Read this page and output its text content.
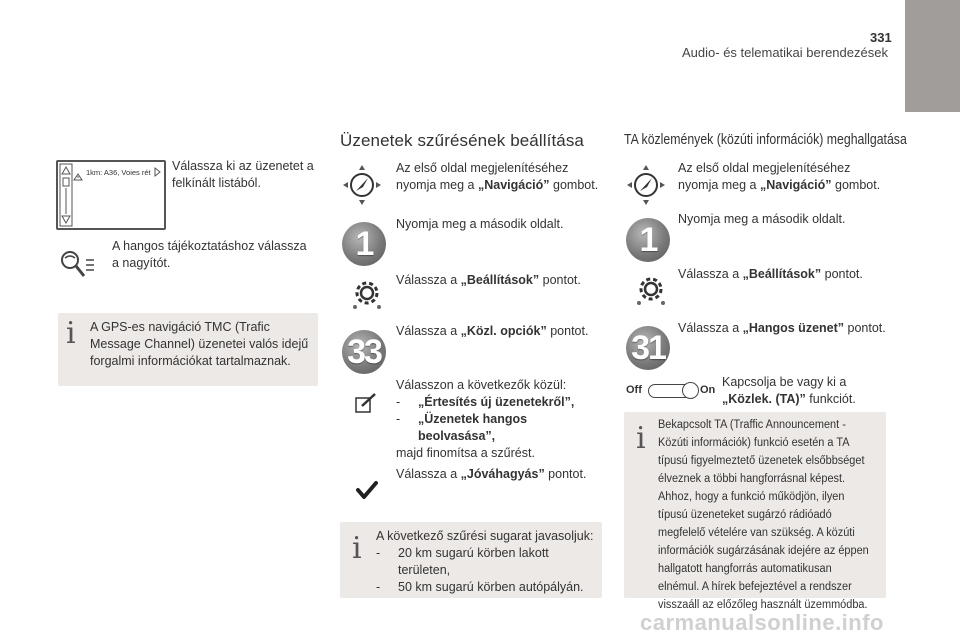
331
Audio- és telematikai berendezések
1km: A36, Voies rét Válassza ki az üzenetet a felkínált listából.
A hangos tájékoztatáshoz válassza a nagyítót.
i A GPS-es navigáció TMC (Trafic Message Channel) üzenetei valós idejű forgalmi információkat tartalmaznak.
Üzenetek szűrésének beállítása
Az első oldal megjelenítéséhez nyomja meg a „Navigáció” gombot.
1
Nyomja meg a második oldalt.
Válassza a „Beállítások” pontot.
33
Válassza a „Közl. opciók” pontot.
Válasszon a következők közül:
- „Értesítés új üzenetekről”,
- „Üzenetek hangos beolvasása”,
majd finomítsa a szűrést.
Válassza a „Jóváhagyás” pontot.
i A következő szűrési sugarat javasoljuk:
- 20 km sugarú körben lakott területen,
- 50 km sugarú körben autópályán.
TA közlemények (közúti információk) meghallgatása
Az első oldal megjelenítéséhez nyomja meg a „Navigáció” gombot.
1
Nyomja meg a második oldalt.
Válassza a „Beállítások” pontot.
31
Válassza a „Hangos üzenet” pontot.
Off	On
Kapcsolja be vagy ki a „Közlek. (TA)” funkciót.
i Bekapcsolt TA (Traffic Announcement - Közúti információk) funkció esetén a TA típusú figyelmeztető üzenetek elsőbbséget élveznek a többi hangforrásnal képest. Ahhoz, hogy a funkció működjön, ilyen típusú üzeneteket sugárzó rádióadó megfelelő vételére van szükség. A közúti információk sugárzásának idejére az éppen hallgatott hangforrás automatikusan elnémul. A hírek befejeztével a rendszer visszaáll az előzőleg használt üzemmódba.
carmanualsonline.info
